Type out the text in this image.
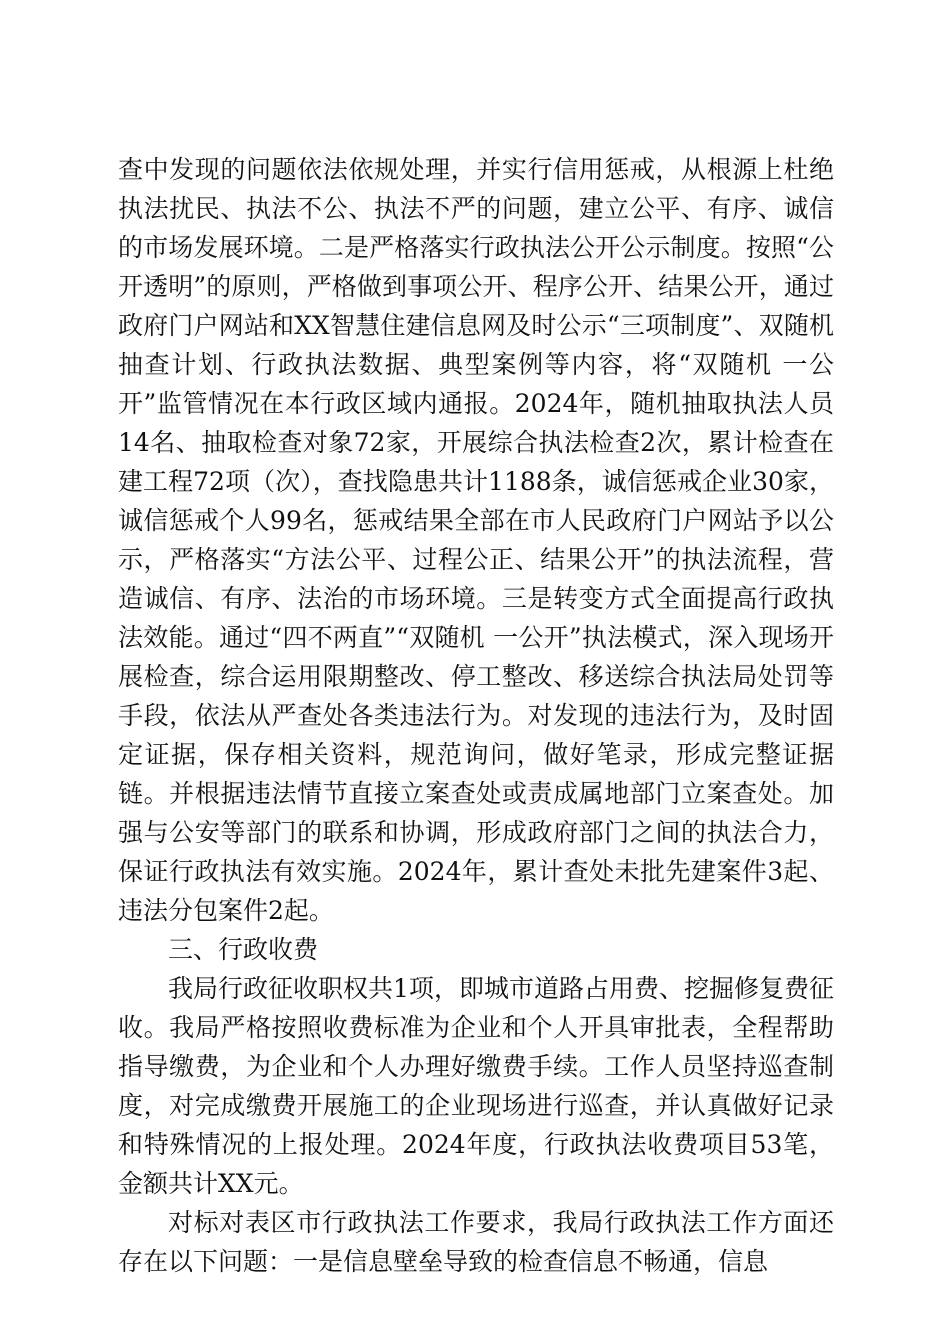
查中发现的问题依法依规处理，并实行信用惩戒，从根源上杜绝执法扰民、执法不公、执法不严的问题，建立公平、有序、诚信的市场发展环境。二是严格落实行政执法公开公示制度。按照“公开透明”的原则，严格做到事项公开、程序公开、结果公开，通过政府门户网站和XX智慧住建信息网及时公示“三项制度”、双随机抽查计划、行政执法数据、典型案例等内容，将“双随机 一公开”监管情况在本行政区域内通报。2024年，随机抽取执法人员14名、抽取检查对象72家，开展综合执法检查2次，累计检查在建工程72项（次），查找隐患共计1188条，诚信惩戒企业30家，诚信惩戒个人99名，惩戒结果全部在市人民政府门户网站予以公示，严格落实“方法公平、过程公正、结果公开”的执法流程，营造诚信、有序、法治的市场环境。三是转变方式全面提高行政执法效能。通过“四不两直”“双随机 一公开”执法模式，深入现场开展检查，综合运用限期整改、停工整改、移送综合执法局处罚等手段，依法从严查处各类违法行为。对发现的违法行为，及时固定证据，保存相关资料，规范询问，做好笔录，形成完整证据链。并根据违法情节直接立案查处或责成属地部门立案查处。加强与公安等部门的联系和协调，形成政府部门之间的执法合力，保证行政执法有效实施。2024年，累计查处未批先建案件3起、违法分包案件2起。

三、行政收费

我局行政征收职权共1项，即城市道路占用费、挖掘修复费征收。我局严格按照收费标准为企业和个人开具审批表，全程帮助指导缴费，为企业和个人办理好缴费手续。工作人员坚持巡查制度，对完成缴费开展施工的企业现场进行巡查，并认真做好记录和特殊情况的上报处理。2024年度，行政执法收费项目53笔，金额共计XX元。

对标对表区市行政执法工作要求，我局行政执法工作方面还存在以下问题：一是信息壁垒导致的检查信息不畅通，信息
